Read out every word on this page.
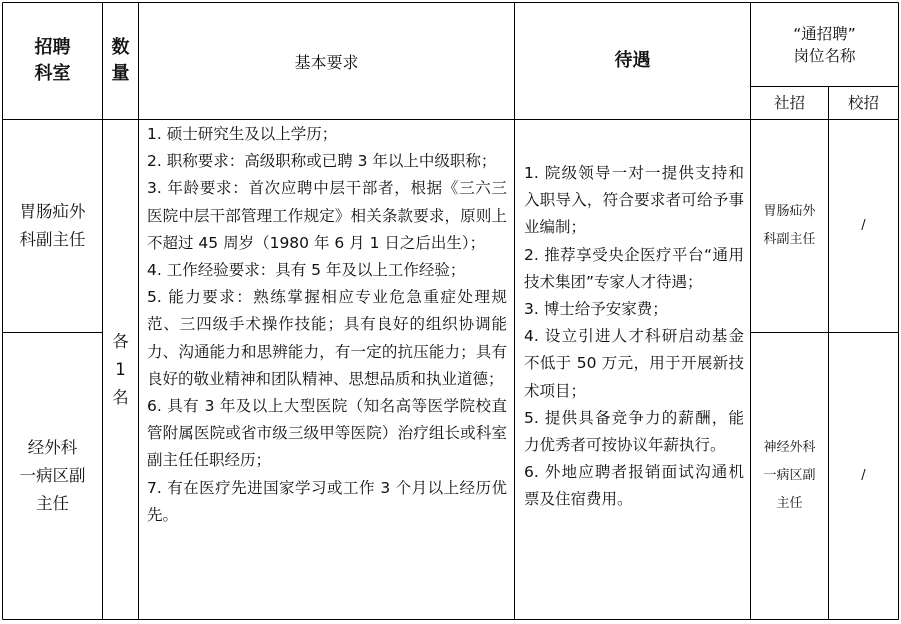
招聘
科室
数
量
基本要求	待遇
“通招聘”
岗位名称
社招	校招
胃肠疝外
科副主任
经外科
一病区副
主任
各
1
名

1. 硕士研究生及以上学历；

2. 职称要求：高级职称或已聘 3 年以上中级职称；

3. 年龄要求：首次应聘中层干部者，根据《三六三医院中层干部管理工作规定》相关条款要求，原则上不超过 45 周岁（1980 年 6 月 1 日之后出生）；

4. 工作经验要求：具有 5 年及以上工作经验；

5. 能力要求：熟练掌握相应专业危急重症处理规范、三四级手术操作技能；具有良好的组织协调能力、沟通能力和思辨能力，有一定的抗压能力；具有良好的敬业精神和团队精神、思想品质和执业道德；

6. 具有 3 年及以上大型医院（知名高等医学院校直管附属医院或省市级三级甲等医院）治疗组长或科室副主任任职经历；

7. 有在医疗先进国家学习或工作 3 个月以上经历优先。

1. 院级领导一对一提供支持和入职导入，符合要求者可给予事业编制；

2. 推荐享受央企医疗平台“通用技术集团”专家人才待遇；

3. 博士给予安家费；

4. 设立引进人才科研启动基金不低于 50 万元，用于开展新技术项目；

5. 提供具备竞争力的薪酬，能力优秀者可按协议年薪执行。

6. 外地应聘者报销面试沟通机票及住宿费用。

胃肠疝外
科副主任
神经外科
一病区副
主任
/
/
